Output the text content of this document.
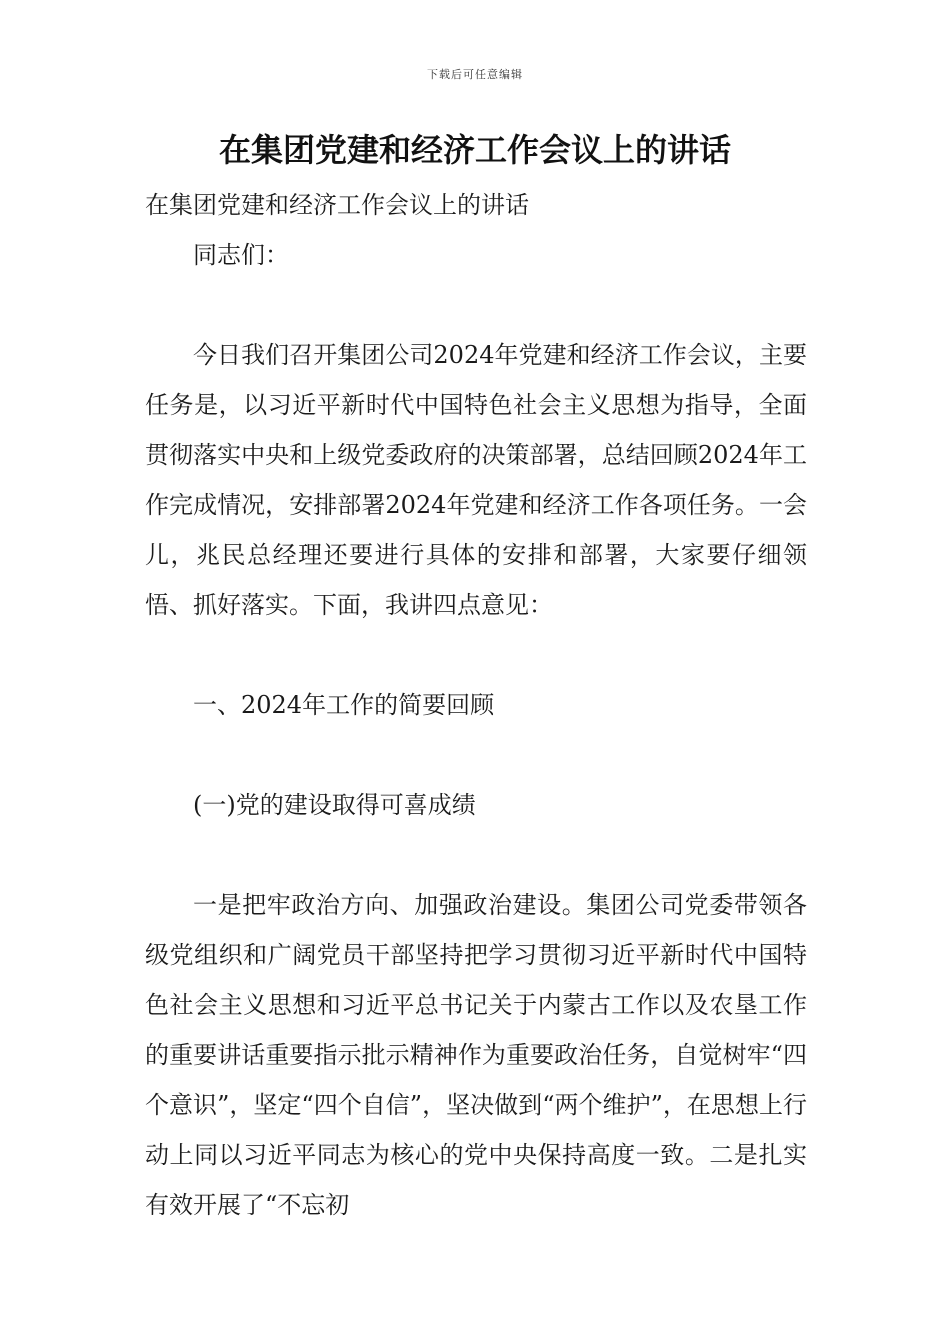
下载后可任意编辑
在集团党建和经济工作会议上的讲话

在集团党建和经济工作会议上的讲话

同志们：

今日我们召开集团公司2024年党建和经济工作会议，主要任务是，以习近平新时代中国特色社会主义思想为指导，全面贯彻落实中央和上级党委政府的决策部署，总结回顾2024年工作完成情况，安排部署2024年党建和经济工作各项任务。一会儿，兆民总经理还要进行具体的安排和部署，大家要仔细领悟、抓好落实。下面，我讲四点意见：

一、2024年工作的简要回顾

(一)党的建设取得可喜成绩

一是把牢政治方向、加强政治建设。集团公司党委带领各级党组织和广阔党员干部坚持把学习贯彻习近平新时代中国特色社会主义思想和习近平总书记关于内蒙古工作以及农垦工作的重要讲话重要指示批示精神作为重要政治任务，自觉树牢“四个意识”，坚定“四个自信”，坚决做到“两个维护”，在思想上行动上同以习近平同志为核心的党中央保持高度一致。二是扎实有效开展了“不忘初
